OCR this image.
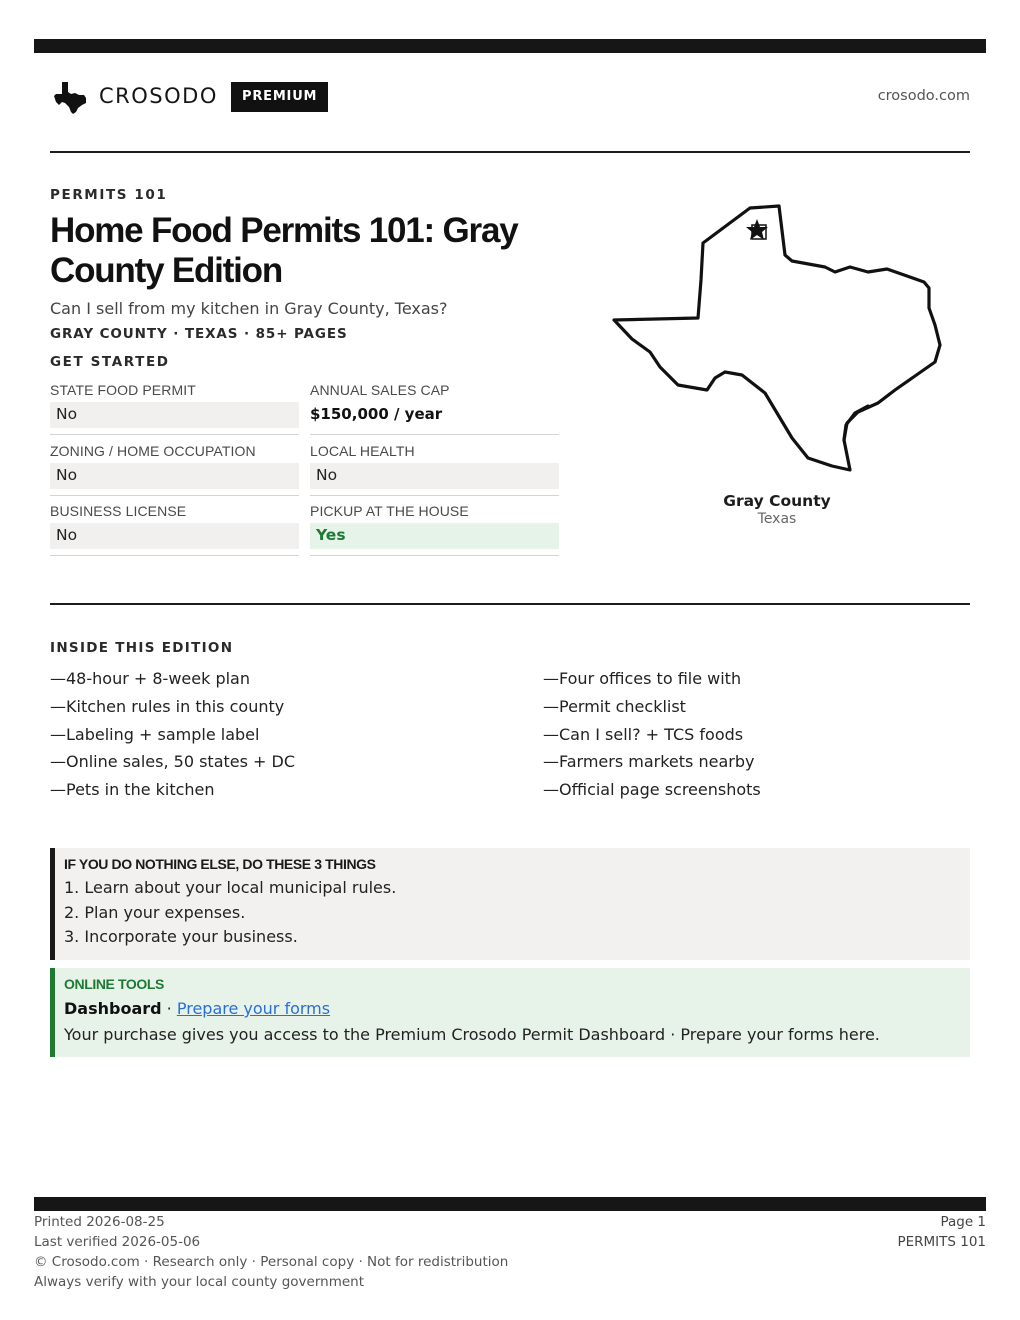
CROSODO	PREMIUM	crosodo.com
PERMITS 101
Home Food Permits 101: Gray County Edition
Can I sell from my kitchen in Gray County, Texas?
GRAY COUNTY · TEXAS · 85+ PAGES
GET STARTED
STATE FOOD PERMIT
No
ANNUAL SALES CAP
$150,000 / year
ZONING / HOME OCCUPATION
No
LOCAL HEALTH
No
BUSINESS LICENSE
No
PICKUP AT THE HOUSE
Yes
Gray County
Texas
INSIDE THIS EDITION
—48-hour + 8-week plan
—Kitchen rules in this county
—Labeling + sample label
—Online sales, 50 states + DC
—Pets in the kitchen
—Four offices to file with
—Permit checklist
—Can I sell? + TCS foods
—Farmers markets nearby
—Official page screenshots
IF YOU DO NOTHING ELSE, DO THESE 3 THINGS
1. Learn about your local municipal rules.
2. Plan your expenses.
3. Incorporate your business.
ONLINE TOOLS
Dashboard · Prepare your forms
Your purchase gives you access to the Premium Crosodo Permit Dashboard · Prepare your forms here.
Printed 2026-08-25
Last verified 2026-05-06
© Crosodo.com · Research only · Personal copy · Not for redistribution
Always verify with your local county government
Page 1
PERMITS 101
